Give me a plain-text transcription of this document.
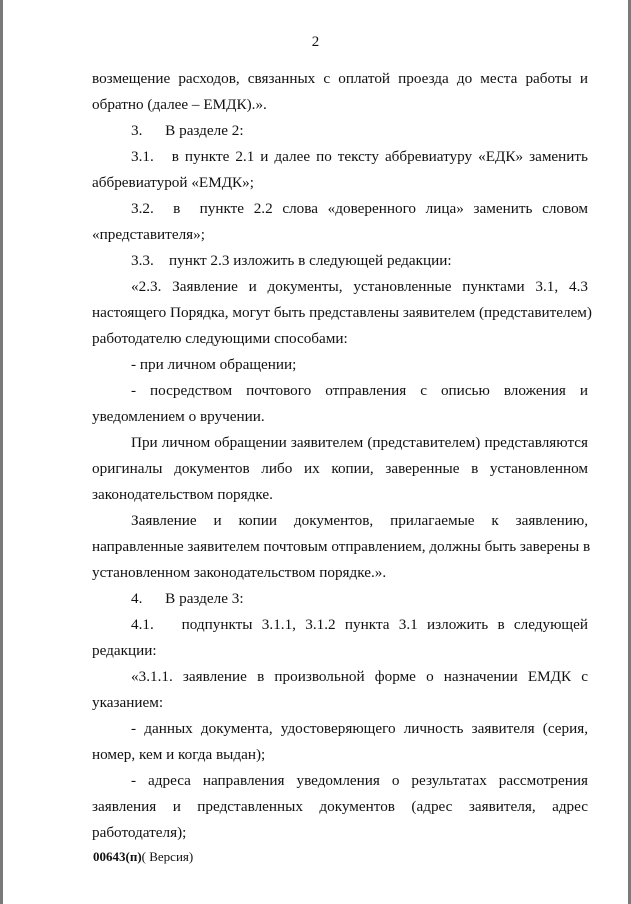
2
возмещение расходов, связанных с оплатой проезда до места работы и
обратно (далее – ЕМДК).».
3.      В разделе 2:
3.1.   в пункте 2.1 и далее по тексту аббревиатуру «ЕДК» заменить
аббревиатурой «ЕМДК»;
3.2.  в  пункте 2.2 слова «доверенного лица» заменить словом
«представителя»;
3.3.    пункт 2.3 изложить в следующей редакции:
«2.3. Заявление и документы, установленные пунктами 3.1, 4.3
настоящего Порядка, могут быть представлены заявителем (представителем)
работодателю следующими способами:
- при личном обращении;
- посредством почтового отправления с описью вложения и
уведомлением о вручении.
При личном обращении заявителем (представителем) представляются
оригиналы документов либо их копии, заверенные в установленном
законодательством порядке.
Заявление и копии документов, прилагаемые к заявлению,
направленные заявителем почтовым отправлением, должны быть заверены в
установленном законодательством порядке.».
4.      В разделе 3:
4.1.   подпункты 3.1.1, 3.1.2 пункта 3.1 изложить в следующей
редакции:
«3.1.1. заявление в произвольной форме о назначении ЕМДК с
указанием:
- данных документа, удостоверяющего личность заявителя (серия,
номер, кем и когда выдан);
- адреса направления уведомления о результатах рассмотрения
заявления и представленных документов (адрес заявителя, адрес
работодателя);
00643(п)( Версия)
